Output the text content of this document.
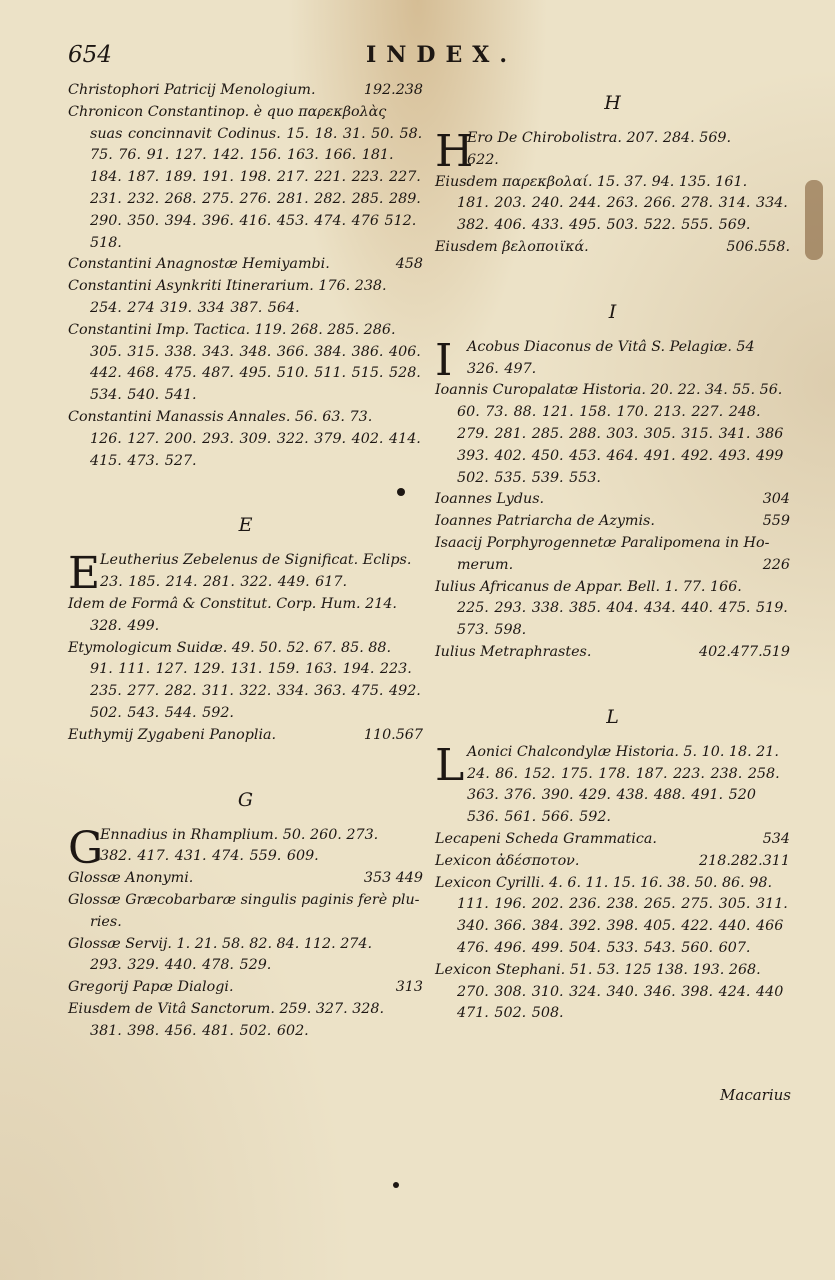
654	INDEX.
Christophori Patricij Menologium.	192.238
Chronicon Constantinop. è quo παρεκβολὰς
suas concinnavit Codinus. 15. 18. 31. 50. 58. 75. 76. 91. 127. 142. 156. 163. 166. 181. 184. 187. 189. 191. 198. 217. 221. 223. 227. 231. 232. 268. 275. 276. 281. 282. 285. 289. 290. 350. 394. 396. 416. 453. 474. 476 512. 518.
Constantini Anagnostæ Hemiyambi.	458
Constantini Asynkriti Itinerarium. 176. 238.
254. 274 319. 334 387. 564.
Constantini Imp. Tactica. 119. 268. 285. 286.
305. 315. 338. 343. 348. 366. 384. 386. 406. 442. 468. 475. 487. 495. 510. 511. 515. 528. 534. 540. 541.
Constantini Manassis Annales. 56. 63. 73.
126. 127. 200. 293. 309. 322. 379. 402. 414. 415. 473. 527.
E
E Leutherius Zebelenus de Significat. Eclips.
23. 185. 214. 281. 322. 449. 617.
Idem de Formâ & Constitut. Corp. Hum. 214.
328. 499.
Etymologicum Suidæ. 49. 50. 52. 67. 85. 88.
91. 111. 127. 129. 131. 159. 163. 194. 223. 235. 277. 282. 311. 322. 334. 363. 475. 492. 502. 543. 544. 592.
Euthymij Zygabeni Panoplia.	110.567
G
G
Ennadius in Rhamplium. 50. 260. 273.
382. 417. 431. 474. 559. 609.
Glossæ Anonymi.	353 449
Glossæ Græcobarbaræ singulis paginis ferè plu-
ries.
Glossæ Servij. 1. 21. 58. 82. 84. 112. 274.
293. 329. 440. 478. 529.
Gregorij Papæ Dialogi.	313
Eiusdem de Vitâ Sanctorum. 259. 327. 328.
381. 398. 456. 481. 502. 602.
H
H
Ero De Chirobolistra. 207. 284. 569.
622.
Eiusdem παρεκβολαί. 15. 37. 94. 135. 161.
181. 203. 240. 244. 263. 266. 278. 314. 334. 382. 406. 433. 495. 503. 522. 555. 569.
Eiusdem βελοποιϊκά.	506.558.
I
I	Acobus Diaconus de Vitâ S. Pelagiæ. 54
326. 497.
Ioannis Curopalatæ Historia. 20. 22. 34. 55. 56.
60. 73. 88. 121. 158. 170. 213. 227. 248. 279. 281. 285. 288. 303. 305. 315. 341. 386 393. 402. 450. 453. 464. 491. 492. 493. 499 502. 535. 539. 553.
Ioannes Lydus.	304
Ioannes Patriarcha de Azymis.	559
Isaacij Porphyrogennetæ Paralipomena in Ho-
merum.	226
Iulius Africanus de Appar. Bell. 1. 77. 166.
225. 293. 338. 385. 404. 434. 440. 475. 519. 573. 598.
Iulius Metraphrastes.	402.477.519
L
L Aonici Chalcondylæ Historia. 5. 10. 18. 21.
24. 86. 152. 175. 178. 187. 223. 238. 258. 363. 376. 390. 429. 438. 488. 491. 520 536. 561. 566. 592.
Lecapeni Scheda Grammatica.	534
Lexicon ἀδέσποτον.	218.282.311
Lexicon Cyrilli. 4. 6. 11. 15. 16. 38. 50. 86. 98.
111. 196. 202. 236. 238. 265. 275. 305. 311. 340. 366. 384. 392. 398. 405. 422. 440. 466 476. 496. 499. 504. 533. 543. 560. 607.
Lexicon Stephani. 51. 53. 125 138. 193. 268.
270. 308. 310. 324. 340. 346. 398. 424. 440 471. 502. 508.
Macarius
